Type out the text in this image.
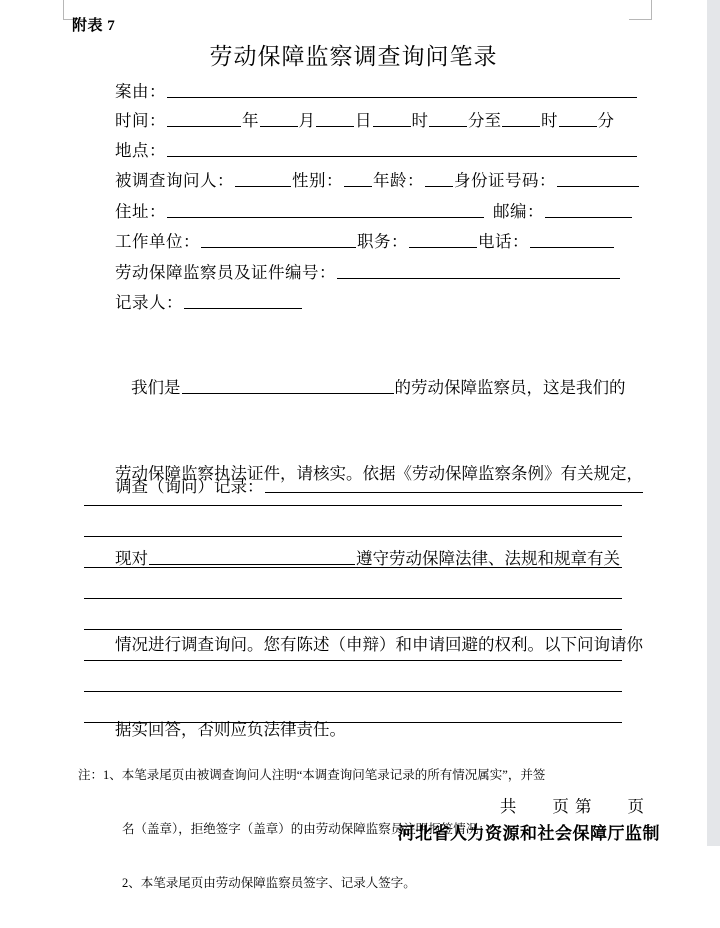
附表 7
劳动保障监察调查询问笔录
案由：
时间：	年 月 日 时 分至 时 分
地点：
被调查询问人：	性别： 年龄： 身份证号码：
住址：	邮编：
工作单位：	职务：	电话：
劳动保障监察员及证件编号：
记录人：

我们是	的劳动保障监察员，这是我们的

劳动保障监察执法证件，请核实。依据《劳动保障监察条例》有关规定，

现对	遵守劳动保障法律、法规和规章有关

情况进行调查询问。您有陈述（申辩）和申请回避的权利。以下问询请你

据实回答，否则应负法律责任。

调查（询问）记录：

注：1、本笔录尾页由被调查询问人注明“本调查询问笔录记录的所有情况属实”，并签

名（盖章），拒绝签字（盖章）的由劳动保障监察员注明拒签情况；

2、本笔录尾页由劳动保障监察员签字、记录人签字。

共　　页 第　　页
河北省人力资源和社会保障厅监制
